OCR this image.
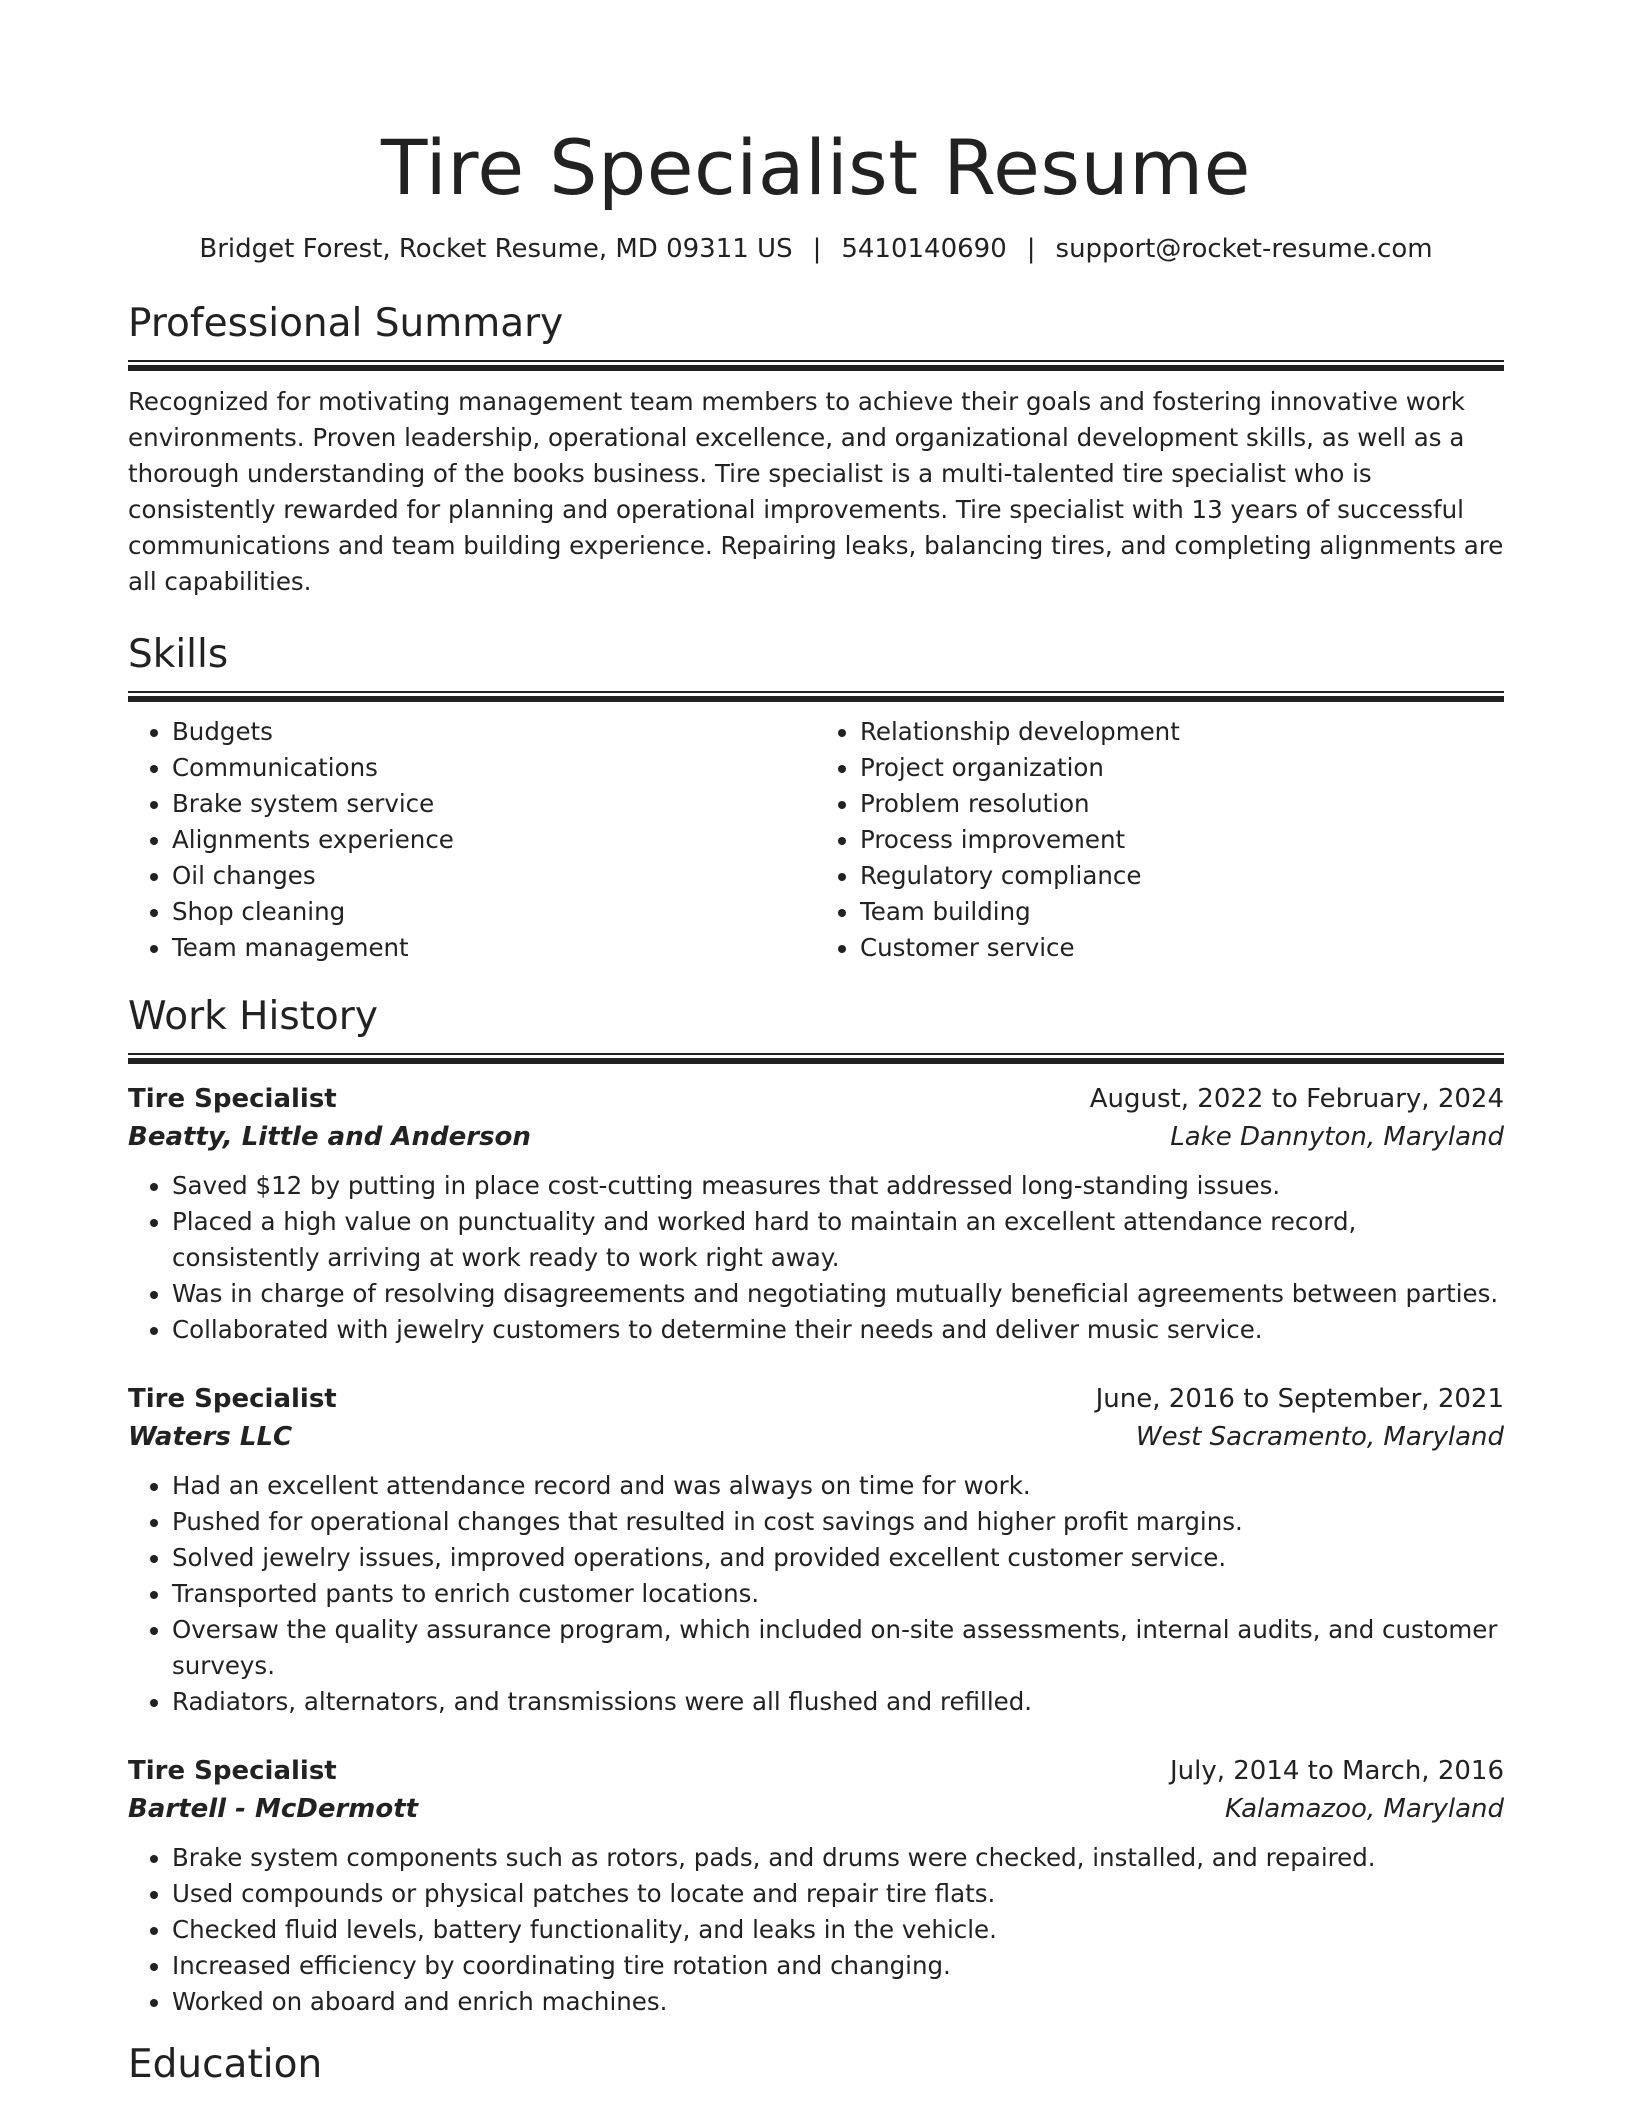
Tire Specialist Resume
Bridget Forest, Rocket Resume, MD 09311 US | 5410140690 | support@rocket-resume.com
Professional Summary

Recognized for motivating management team members to achieve their goals and fostering innovative work environments. Proven leadership, operational excellence, and organizational development skills, as well as a thorough understanding of the books business. Tire specialist is a multi-talented tire specialist who is consistently rewarded for planning and operational improvements. Tire specialist with 13 years of successful communications and team building experience. Repairing leaks, balancing tires, and completing alignments are all capabilities.

Skills
• Budgets
• Communications
• Brake system service
• Alignments experience
• Oil changes
• Shop cleaning
• Team management
• Relationship development
• Project organization
• Problem resolution
• Process improvement
• Regulatory compliance
• Team building
• Customer service
Work History
Tire Specialist	August, 2022 to February, 2024
Beatty, Little and Anderson	Lake Dannyton, Maryland
• Saved $12 by putting in place cost-cutting measures that addressed long-standing issues.
• Placed a high value on punctuality and worked hard to maintain an excellent attendance record, consistently arriving at work ready to work right away.
• Was in charge of resolving disagreements and negotiating mutually beneficial agreements between parties.
• Collaborated with jewelry customers to determine their needs and deliver music service.
Tire Specialist	June, 2016 to September, 2021
Waters LLC	West Sacramento, Maryland
• Had an excellent attendance record and was always on time for work.
• Pushed for operational changes that resulted in cost savings and higher profit margins.
• Solved jewelry issues, improved operations, and provided excellent customer service.
• Transported pants to enrich customer locations.
• Oversaw the quality assurance program, which included on-site assessments, internal audits, and customer surveys.
• Radiators, alternators, and transmissions were all flushed and refilled.
Tire Specialist	July, 2014 to March, 2016
Bartell - McDermott	Kalamazoo, Maryland
• Brake system components such as rotors, pads, and drums were checked, installed, and repaired.
• Used compounds or physical patches to locate and repair tire flats.
• Checked fluid levels, battery functionality, and leaks in the vehicle.
• Increased efficiency by coordinating tire rotation and changing.
• Worked on aboard and enrich machines.
Education
